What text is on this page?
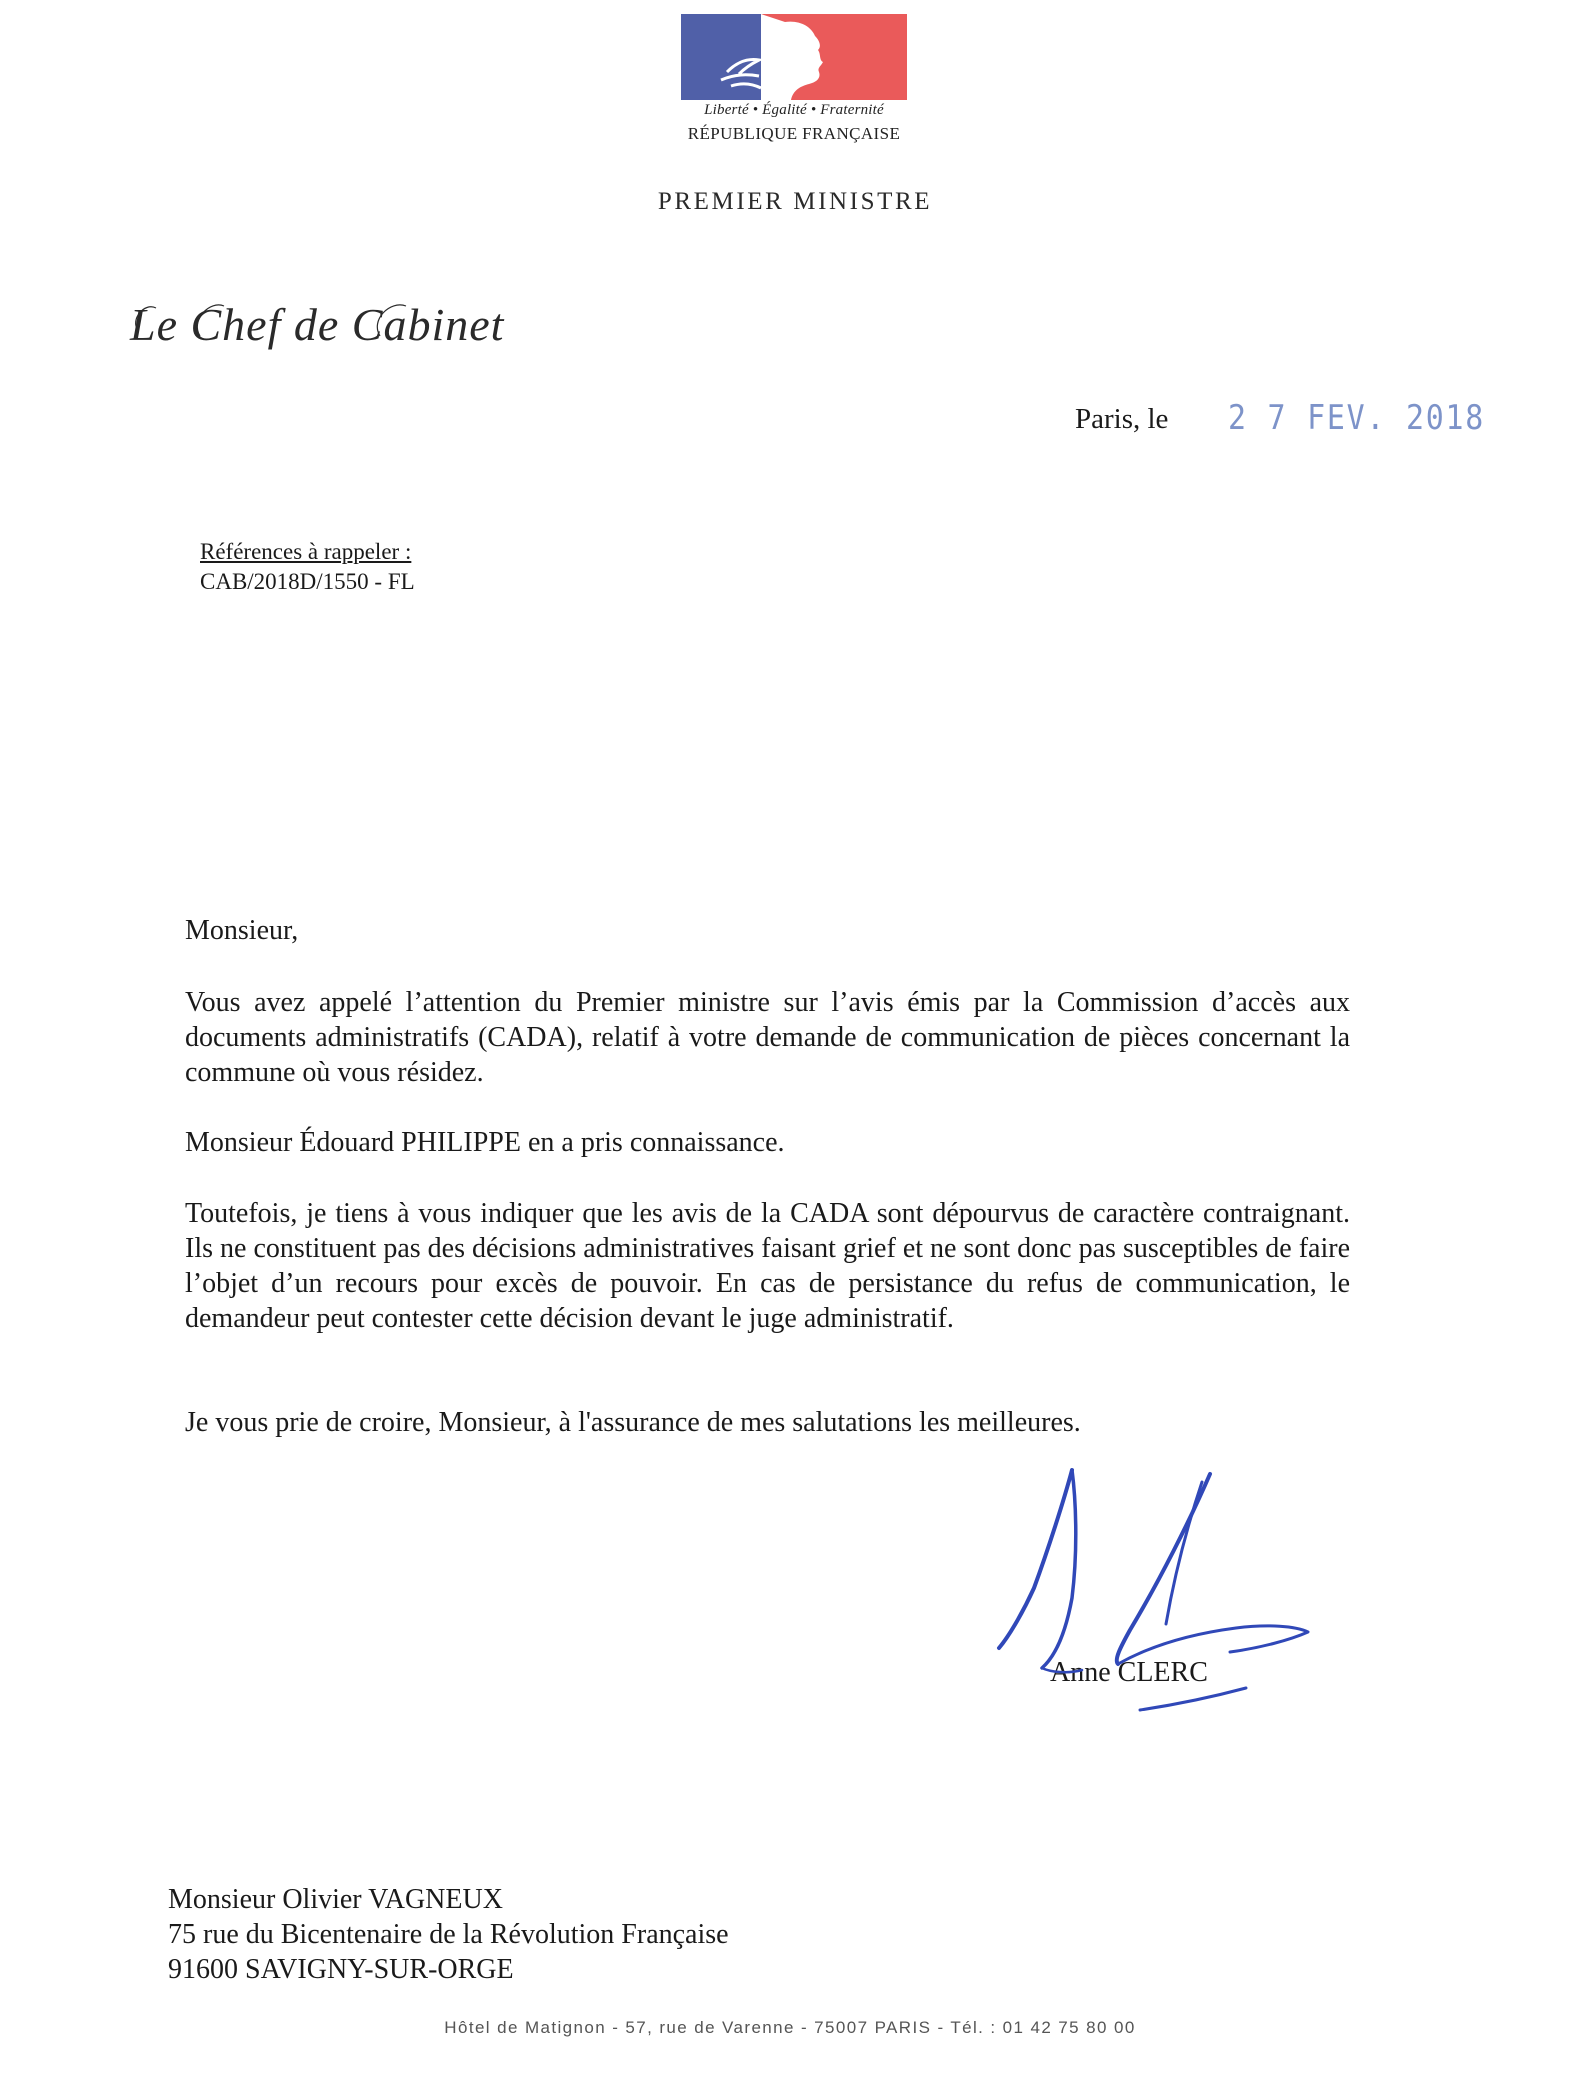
Liberté • Égalité • Fraternité
RÉPUBLIQUE FRANÇAISE
PREMIER MINISTRE
Le Chef de Cabinet
Paris, le 2 7 FEV. 2018
Références à rappeler :
CAB/2018D/1550 - FL
Monsieur,
Vous avez appelé l’attention du Premier ministre sur l’avis émis par la Commission d’accès aux documents administratifs (CADA), relatif à votre demande de communication de pièces concernant la commune où vous résidez.
Monsieur Édouard PHILIPPE en a pris connaissance.
Toutefois, je tiens à vous indiquer que les avis de la CADA sont dépourvus de caractère contraignant. Ils ne constituent pas des décisions administratives faisant grief et ne sont donc pas susceptibles de faire l’objet d’un recours pour excès de pouvoir. En cas de persistance du refus de communication, le demandeur peut contester cette décision devant le juge administratif.
Je vous prie de croire, Monsieur, à l'assurance de mes salutations les meilleures.
Anne CLERC
Monsieur Olivier VAGNEUX
75 rue du Bicentenaire de la Révolution Française
91600 SAVIGNY-SUR-ORGE
Hôtel de Matignon - 57, rue de Varenne - 75007 PARIS - Tél. : 01 42 75 80 00
